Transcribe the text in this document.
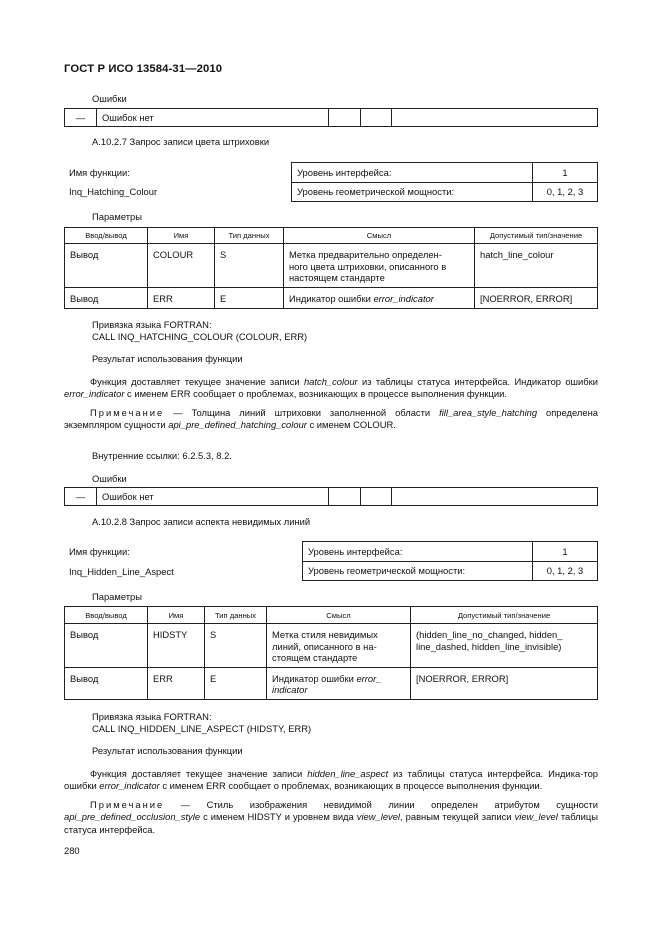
ГОСТ Р ИСО 13584-31—2010
Ошибки
—	Ошибок нет			
А.10.2.7 Запрос записи цвета штриховки
Имя функции:
Inq_Hatching_Colour
Уровень интерфейса:	1
Уровень геометрической мощности:	0, 1, 2, 3
Параметры
Ввод/вывод	Имя	Тип данных	Смысл	Допустимый тип/значение
Вывод	COLOUR	S	Метка предварительно определен-
ного цвета штриховки, описанного в
настоящем стандарте	hatch_line_colour
Вывод	ERR	E	Индикатор ошибки error_indicator	[NOERROR, ERROR]
Привязка языка FORTRAN:
CALL INQ_HATCHING_COLOUR (COLOUR, ERR)
Результат использования функции
Функция доставляет текущее значение записи hatch_colour из таблицы статуса интерфейса. Индикатор ошибки error_indicator с именем ERR сообщает о проблемах, возникающих в процессе выполнения функции.
Примечание — Толщина линий штриховки заполненной области fill_area_style_hatching определена экземпляром сущности api_pre_defined_hatching_colour с именем COLOUR.
Внутренние ссылки: 6.2.5.3, 8.2.
Ошибки
—	Ошибок нет			
А.10.2.8 Запрос записи аспекта невидимых линий
Имя функции:
Inq_Hidden_Line_Aspect
Уровень интерфейса:	1
Уровень геометрической мощности:	0, 1, 2, 3
Параметры
Ввод/вывод	Имя	Тип данных	Смысл	Допустимый тип/значение
Вывод	HIDSTY	S	Метка стиля невидимых
линий, описанного в на-
стоящем стандарте	(hidden_line_no_changed, hidden_
line_dashed, hidden_line_invisible)
Вывод	ERR	E	Индикатор ошибки error_
indicator	[NOERROR, ERROR]
Привязка языка FORTRAN:
CALL INQ_HIDDEN_LINE_ASPECT (HIDSTY, ERR)
Результат использования функции
Функция доставляет текущее значение записи hidden_line_aspect из таблицы статуса интерфейса. Индика-тор ошибки error_indicator с именем ERR сообщает о проблемах, возникающих в процессе выполнения функции.
Примечание — Стиль изображения невидимой линии определен атрибутом сущности api_pre_defined_occlusion_style с именем HIDSTY и уровнем вида view_level, равным текущей записи view_level таблицы статуса интерфейса.
280
